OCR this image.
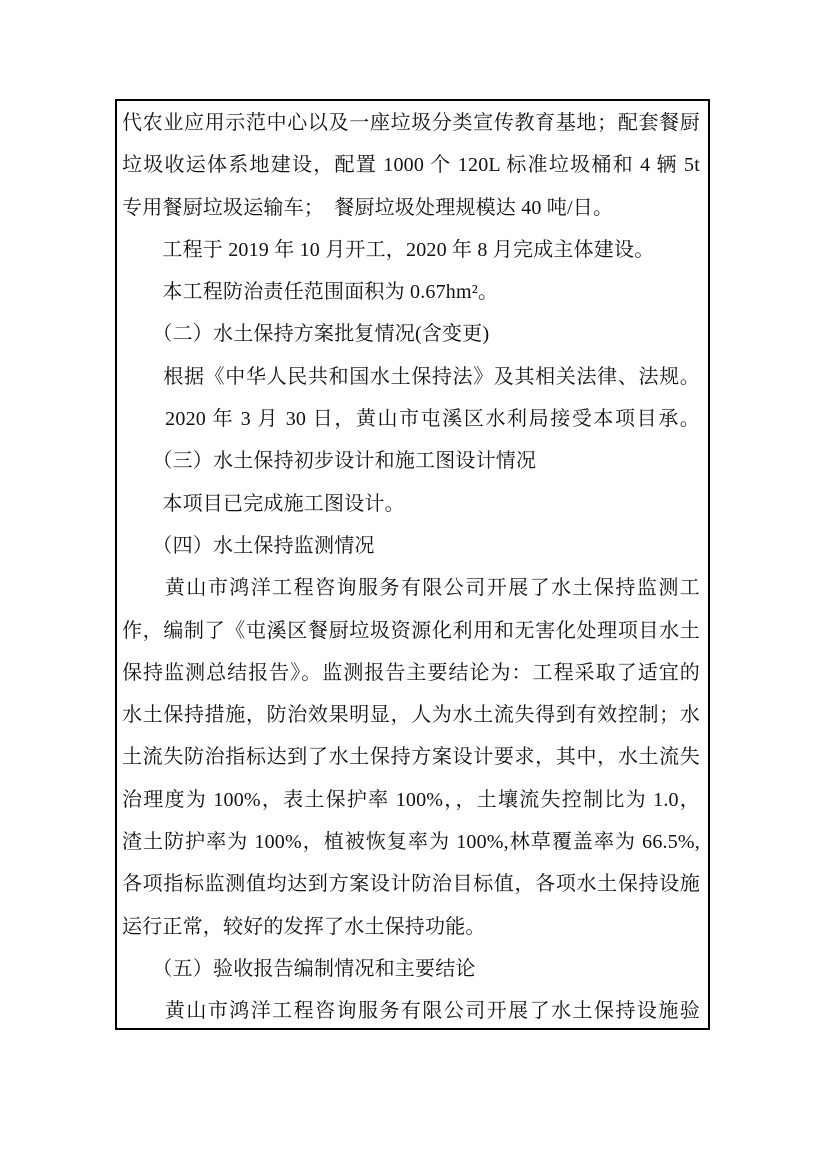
代农业应用示范中心以及一座垃圾分类宣传教育基地；配套餐厨
垃圾收运体系地建设，配置 1000 个 120L 标准垃圾桶和 4 辆 5t
专用餐厨垃圾运输车；　餐厨垃圾处理规模达 40 吨/日。
　　工程于 2019 年 10 月开工，2020 年 8 月完成主体建设。
　　本工程防治责任范围面积为 0.67hm²。
　　（二）水土保持方案批复情况(含变更)
　　根据《中华人民共和国水土保持法》及其相关法律、法规。
　　2020 年 3 月 30 日，黄山市屯溪区水利局接受本项目承。
　　（三）水土保持初步设计和施工图设计情况
　　本项目已完成施工图设计。
　　（四）水土保持监测情况
　　黄山市鸿洋工程咨询服务有限公司开展了水土保持监测工
作，编制了《屯溪区餐厨垃圾资源化利用和无害化处理项目水土
保持监测总结报告》。监测报告主要结论为：工程采取了适宜的
水土保持措施，防治效果明显，人为水土流失得到有效控制；水
土流失防治指标达到了水土保持方案设计要求，其中，水土流失
治理度为 100%，表土保护率 100%，，土壤流失控制比为 1.0，
渣土防护率为 100%，植被恢复率为 100%,林草覆盖率为 66.5%,
各项指标监测值均达到方案设计防治目标值，各项水土保持设施
运行正常，较好的发挥了水土保持功能。
　　（五）验收报告编制情况和主要结论
　　黄山市鸿洋工程咨询服务有限公司开展了水土保持设施验
